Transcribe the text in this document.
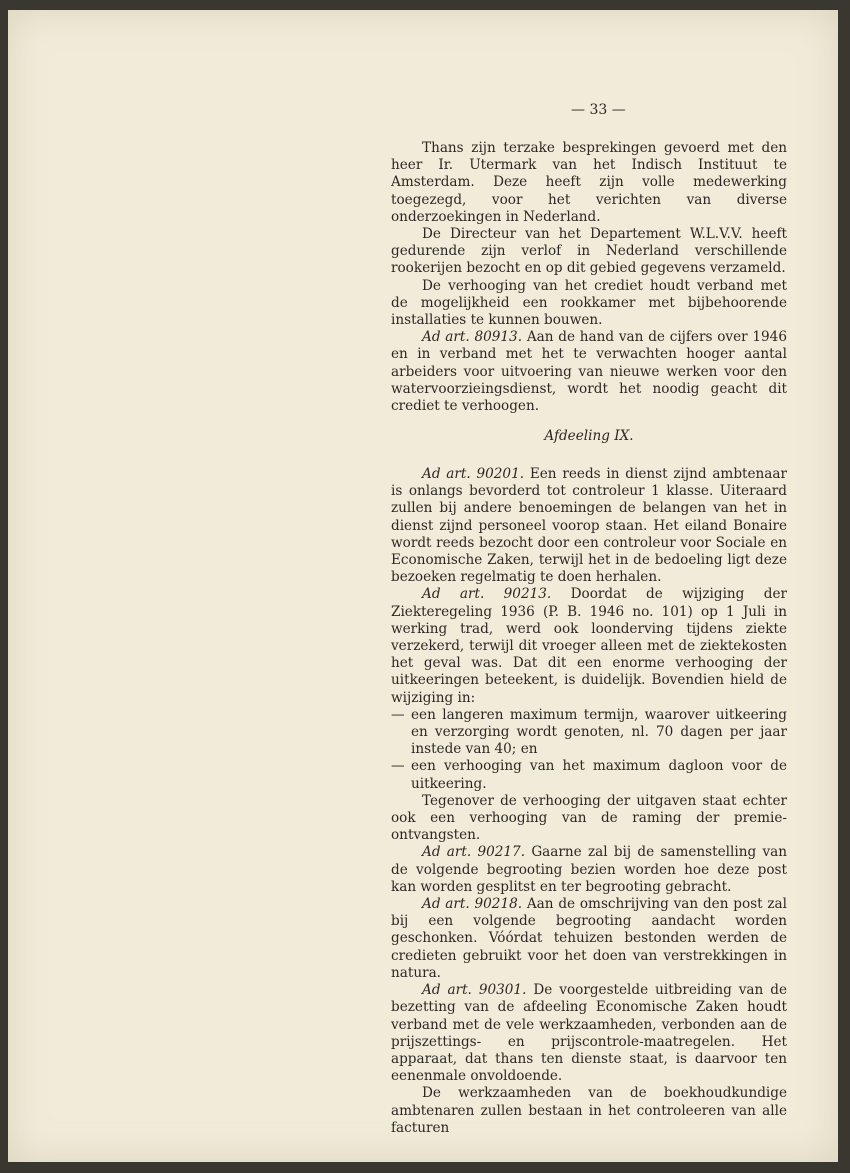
— 33 —

Thans zijn terzake besprekingen gevoerd met den heer Ir. Utermark van het Indisch Instituut te Amsterdam. Deze heeft zijn volle medewerking toegezegd, voor het verichten van diverse onderzoekingen in Nederland.

De Directeur van het Departement W.L.V.V. heeft gedurende zijn verlof in Nederland verschillende rookerijen bezocht en op dit gebied gegevens verzameld.

De verhooging van het crediet houdt verband met de mogelijkheid een rookkamer met bijbehoorende installaties te kunnen bouwen.

Ad art. 80913. Aan de hand van de cijfers over 1946 en in verband met het te verwachten hooger aantal arbeiders voor uitvoering van nieuwe werken voor den watervoorzieingsdienst, wordt het noodig geacht dit crediet te verhoogen.

Afdeeling IX.

Ad art. 90201. Een reeds in dienst zijnd ambtenaar is onlangs bevorderd tot controleur 1 klasse. Uiteraard zullen bij andere benoemingen de belangen van het in dienst zijnd personeel voorop staan. Het eiland Bonaire wordt reeds bezocht door een controleur voor Sociale en Economische Zaken, terwijl het in de bedoeling ligt deze bezoeken regelmatig te doen herhalen.

Ad art. 90213. Doordat de wijziging der Ziekteregeling 1936 (P. B. 1946 no. 101) op 1 Juli in werking trad, werd ook loonderving tijdens ziekte verzekerd, terwijl dit vroeger alleen met de ziektekosten het geval was. Dat dit een enorme verhooging der uitkeeringen beteekent, is duidelijk. Bovendien hield de wijziging in:

— een langeren maximum termijn, waarover uitkeering en verzorging wordt genoten, nl. 70 dagen per jaar instede van 40; en
— een verhooging van het maximum dagloon voor de uitkeering.

Tegenover de verhooging der uitgaven staat echter ook een verhooging van de raming der premie-ontvangsten.

Ad art. 90217. Gaarne zal bij de samenstelling van de volgende begrooting bezien worden hoe deze post kan worden gesplitst en ter begrooting gebracht.

Ad art. 90218. Aan de omschrijving van den post zal bij een volgende begrooting aandacht worden geschonken. Vóórdat tehuizen bestonden werden de credieten gebruikt voor het doen van verstrekkingen in natura.

Ad art. 90301. De voorgestelde uitbreiding van de bezetting van de afdeeling Economische Zaken houdt verband met de vele werkzaamheden, verbonden aan de prijszettings- en prijscontrole-maatregelen. Het apparaat, dat thans ten dienste staat, is daarvoor ten eenenmale onvoldoende.

De werkzaamheden van de boekhoudkundige ambtenaren zullen bestaan in het controleeren van alle facturen
